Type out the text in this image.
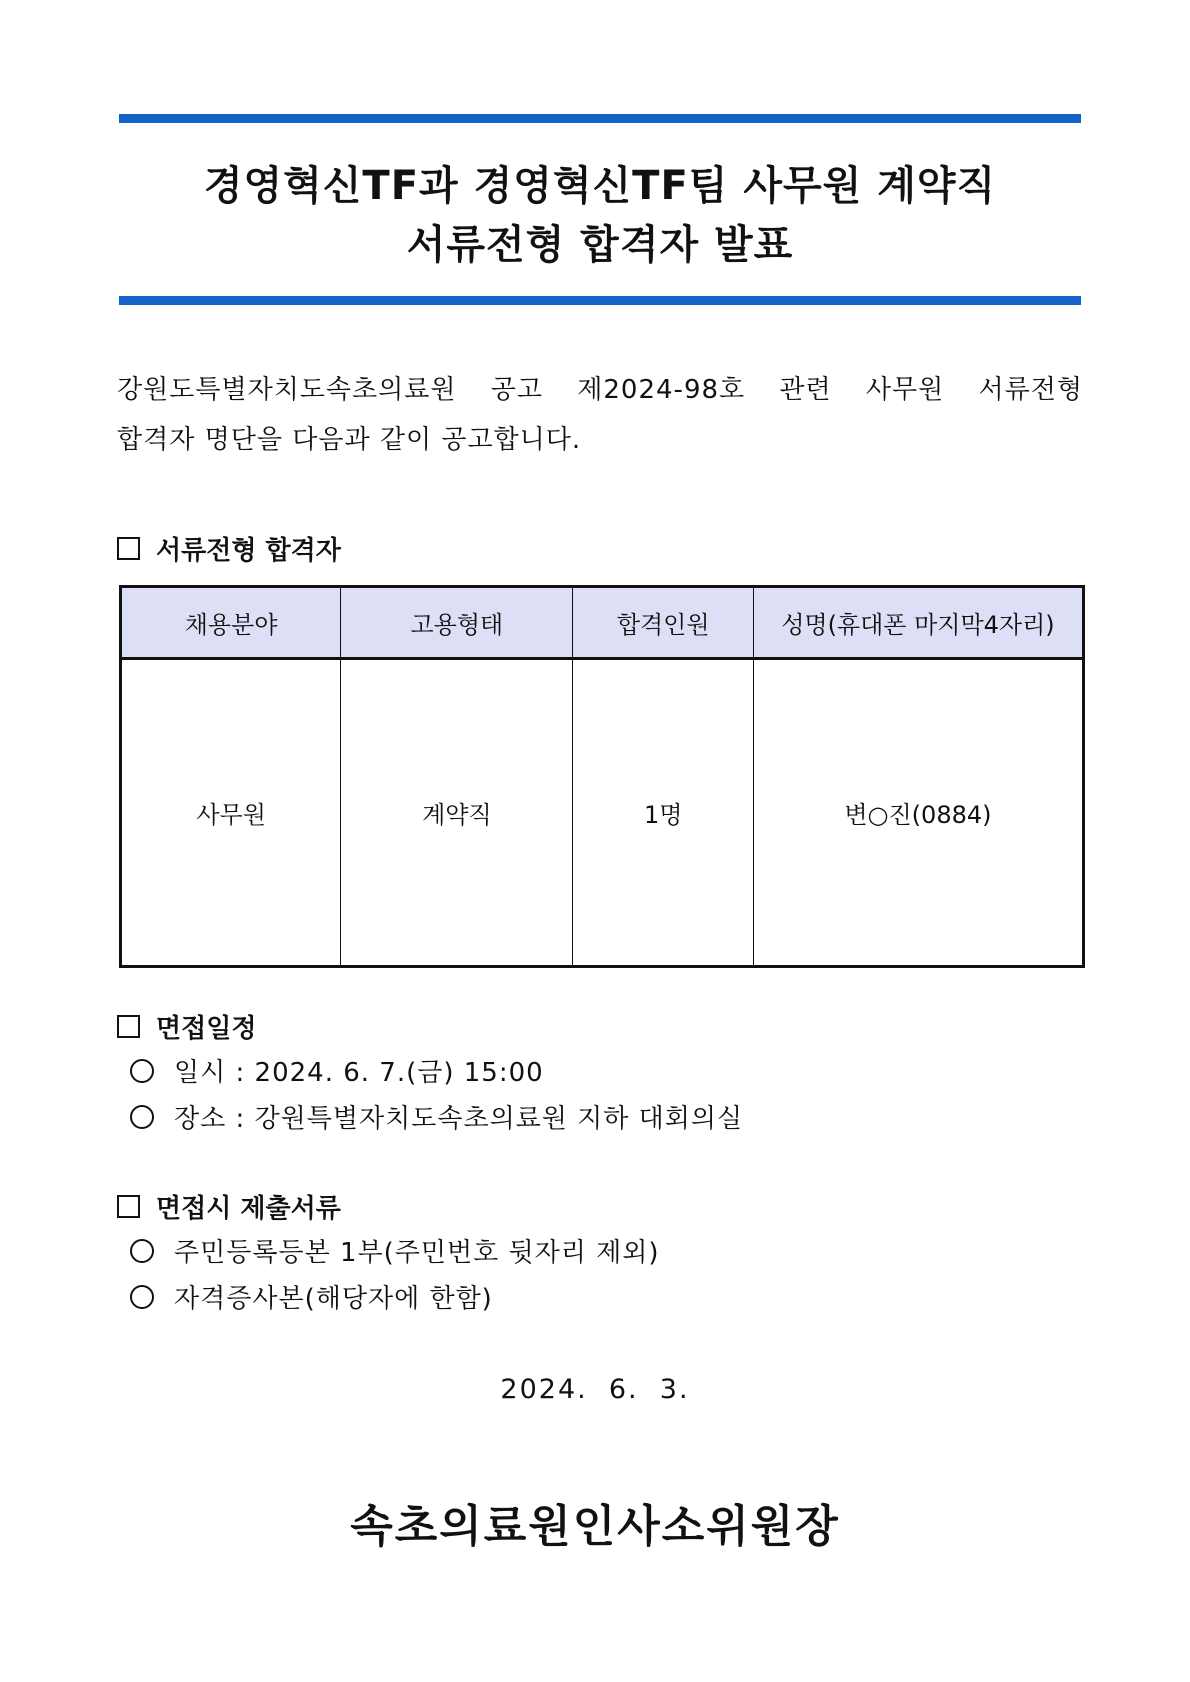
경영혁신TF과 경영혁신TF팀 사무원 계약직
서류전형 합격자 발표
강원도특별자치도속초의료원 공고 제2024-98호 관련 사무원 서류전형
합격자 명단을 다음과 같이 공고합니다.
서류전형 합격자
채용분야	고용형태	합격인원	성명(휴대폰 마지막4자리)
사무원	계약직	1명	변○진(0884)
면접일정
일시 : 2024. 6. 7.(금) 15:00
장소 : 강원특별자치도속초의료원 지하 대회의실
면접시 제출서류
주민등록등본 1부(주민번호 뒷자리 제외)
자격증사본(해당자에 한함)
2024.  6.  3.
속초의료원인사소위원장
